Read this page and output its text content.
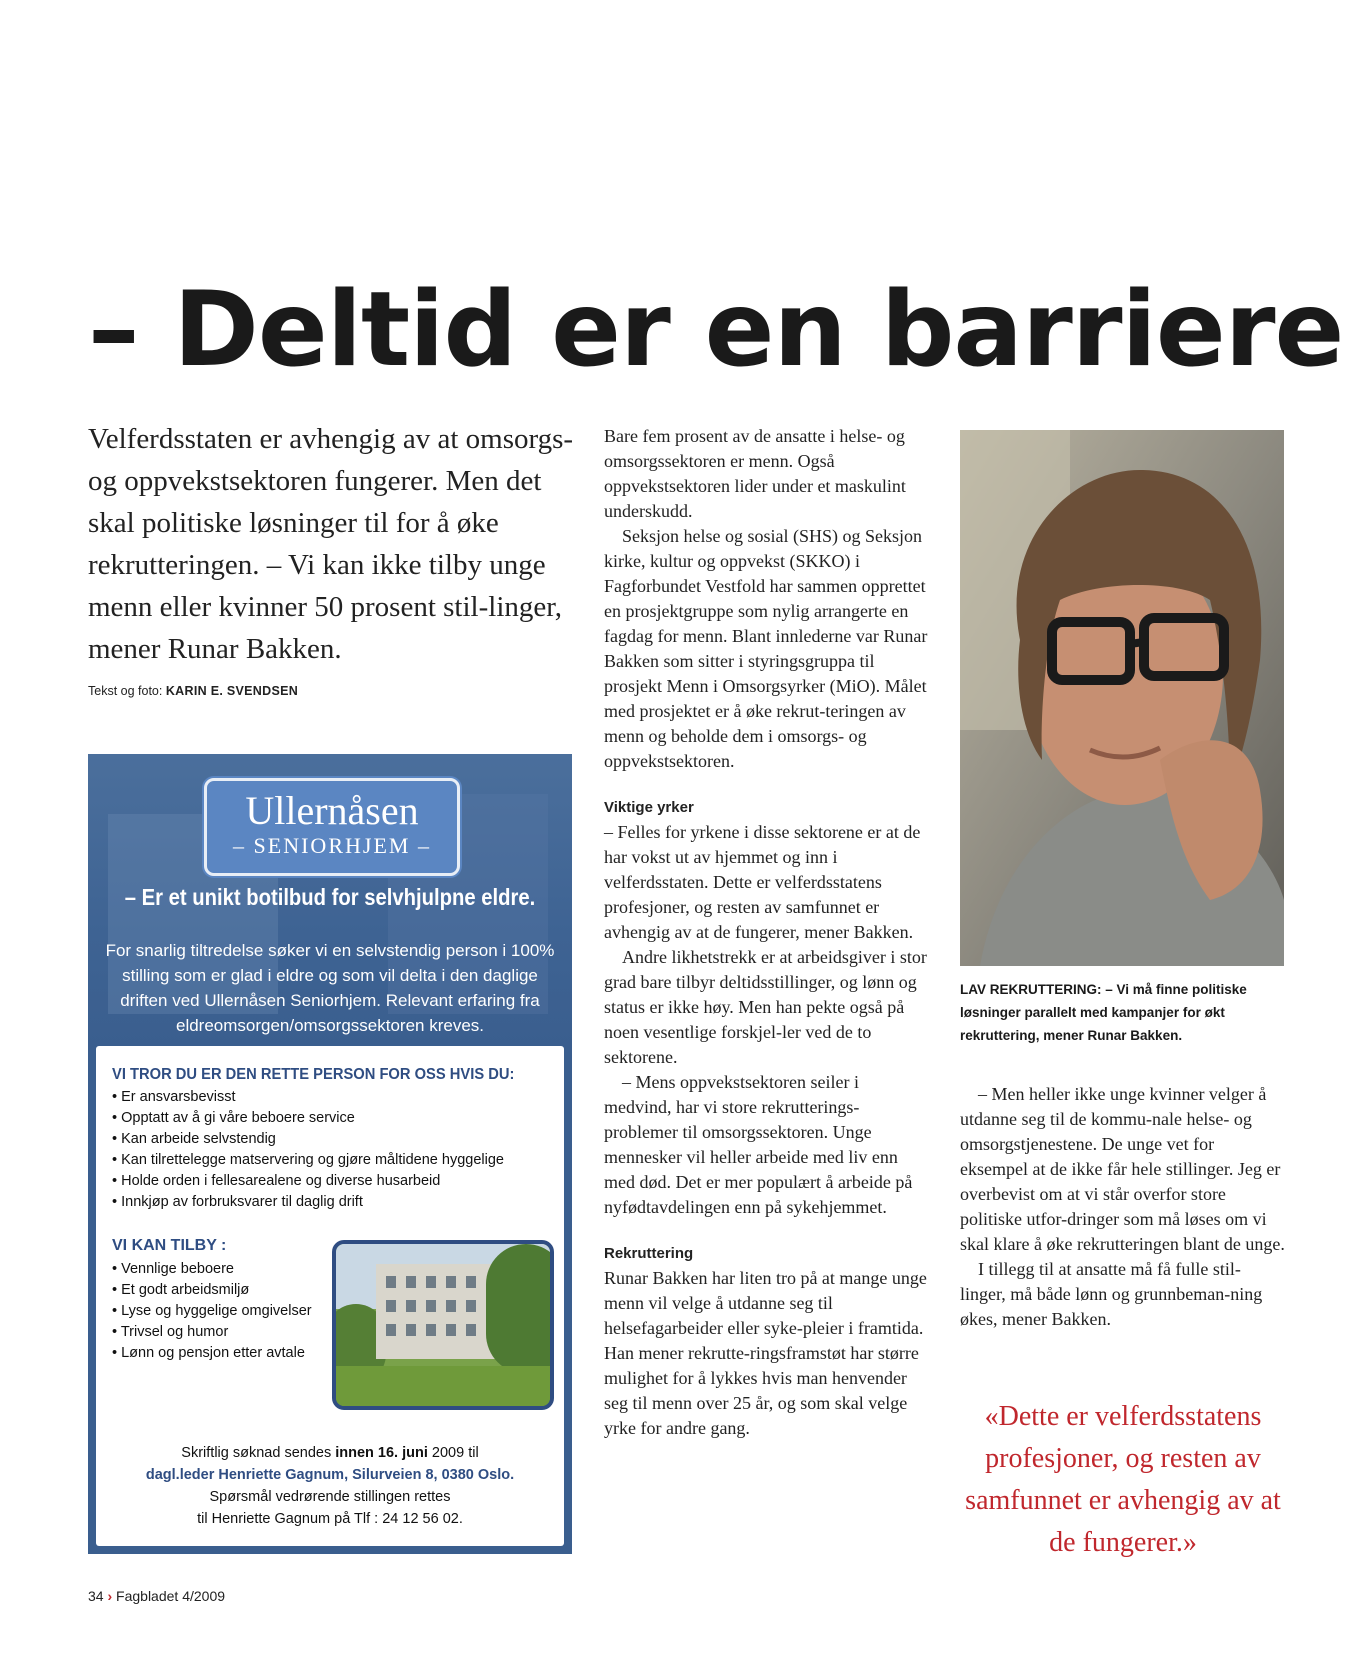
– Deltid er en barriere

Velferdsstaten er avhengig av at omsorgs- og oppvekstsektoren fungerer. Men det skal politiske løsninger til for å øke rekrutteringen. – Vi kan ikke tilby unge menn eller kvinner 50 prosent stil-linger, mener Runar Bakken.

Tekst og foto: KARIN E. SVENDSEN
Ullernåsen
– SENIORHJEM –
– Er et unikt botilbud for selvhjulpne eldre.
For snarlig tiltredelse søker vi en selvstendig person i 100% stilling som er glad i eldre og som vil delta i den daglige driften ved Ullernåsen Seniorhjem. Relevant erfaring fra eldreomsorgen/omsorgssektoren kreves.
VI TROR DU ER DEN RETTE PERSON FOR OSS HVIS DU:
• Er ansvarsbevisst
• Opptatt av å gi våre beboere service
• Kan arbeide selvstendig
• Kan tilrettelegge matservering og gjøre måltidene hyggelige
• Holde orden i fellesarealene og diverse husarbeid
• Innkjøp av forbruksvarer til daglig drift
VI KAN TILBY :
• Vennlige beboere
• Et godt arbeidsmiljø
• Lyse og hyggelige omgivelser
• Trivsel og humor
• Lønn og pensjon etter avtale
Skriftlig søknad sendes innen 16. juni 2009 til
dagl.leder Henriette Gagnum, Silurveien 8, 0380 Oslo.
Spørsmål vedrørende stillingen rettes
til Henriette Gagnum på Tlf : 24 12 56 02.

Bare fem prosent av de ansatte i helse- og omsorgssektoren er menn. Også oppvekstsektoren lider under et maskulint underskudd.

Seksjon helse og sosial (SHS) og Seksjon kirke, kultur og oppvekst (SKKO) i Fagforbundet Vestfold har sammen opprettet en prosjektgruppe som nylig arrangerte en fagdag for menn. Blant innlederne var Runar Bakken som sitter i styringsgruppa til prosjekt Menn i Omsorgsyrker (MiO). Målet med prosjektet er å øke rekrut-teringen av menn og beholde dem i omsorgs- og oppvekstsektoren.

Viktige yrker

– Felles for yrkene i disse sektorene er at de har vokst ut av hjemmet og inn i velferdsstaten. Dette er velferdsstatens profesjoner, og resten av samfunnet er avhengig av at de fungerer, mener Bakken.

Andre likhetstrekk er at arbeidsgiver i stor grad bare tilbyr deltidsstillinger, og lønn og status er ikke høy. Men han pekte også på noen vesentlige forskjel-ler ved de to sektorene.

– Mens oppvekstsektoren seiler i medvind, har vi store rekrutterings-problemer til omsorgssektoren. Unge mennesker vil heller arbeide med liv enn med død. Det er mer populært å arbeide på nyfødtavdelingen enn på sykehjemmet.

Rekruttering

Runar Bakken har liten tro på at mange unge menn vil velge å utdanne seg til helsefagarbeider eller syke-pleier i framtida. Han mener rekrutte-ringsframstøt har større mulighet for å lykkes hvis man henvender seg til menn over 25 år, og som skal velge yrke for andre gang.

LAV REKRUTTERING: – Vi må finne politiske løsninger parallelt med kampanjer for økt rekruttering, mener Runar Bakken.

– Men heller ikke unge kvinner velger å utdanne seg til de kommu-nale helse- og omsorgstjenestene. De unge vet for eksempel at de ikke får hele stillinger. Jeg er overbevist om at vi står overfor store politiske utfor-dringer som må løses om vi skal klare å øke rekrutteringen blant de unge.

I tillegg til at ansatte må få fulle stil-linger, må både lønn og grunnbeman-ning økes, mener Bakken.

«Dette er velferdsstatens profesjoner, og resten av samfunnet er avhengig av at de fungerer.»
34 › Fagbladet 4/2009
